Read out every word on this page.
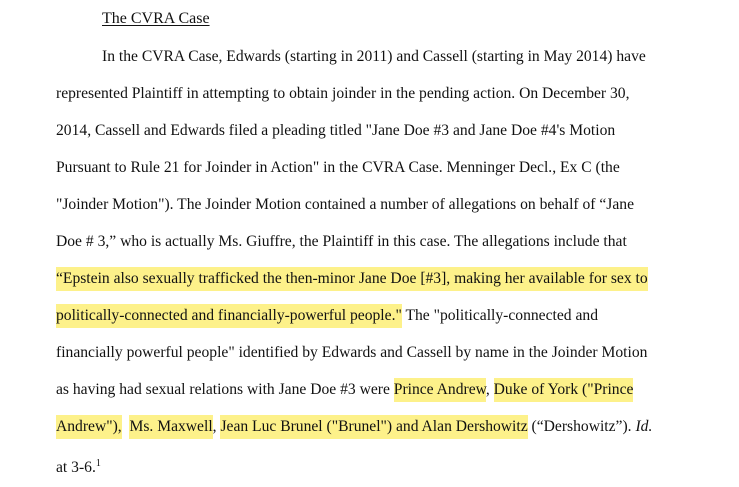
The CVRA Case
In the CVRA Case, Edwards (starting in 2011) and Cassell (starting in May 2014) have
represented Plaintiff in attempting to obtain joinder in the pending action. On December 30,
2014, Cassell and Edwards filed a pleading titled "Jane Doe #3 and Jane Doe #4's Motion
Pursuant to Rule 21 for Joinder in Action" in the CVRA Case. Menninger Decl., Ex C (the
"Joinder Motion"). The Joinder Motion contained a number of allegations on behalf of “Jane
Doe # 3,” who is actually Ms. Giuffre, the Plaintiff in this case. The allegations include that
“Epstein also sexually trafficked the then-minor Jane Doe [#3], making her available for sex to
politically-connected and financially-powerful people." The "politically-connected and
financially powerful people" identified by Edwards and Cassell by name in the Joinder Motion
as having had sexual relations with Jane Doe #3 were Prince Andrew, Duke of York ("Prince
Andrew"), Ms. Maxwell, Jean Luc Brunel ("Brunel") and Alan Dershowitz (“Dershowitz”). Id.
at 3-6.$^1$
